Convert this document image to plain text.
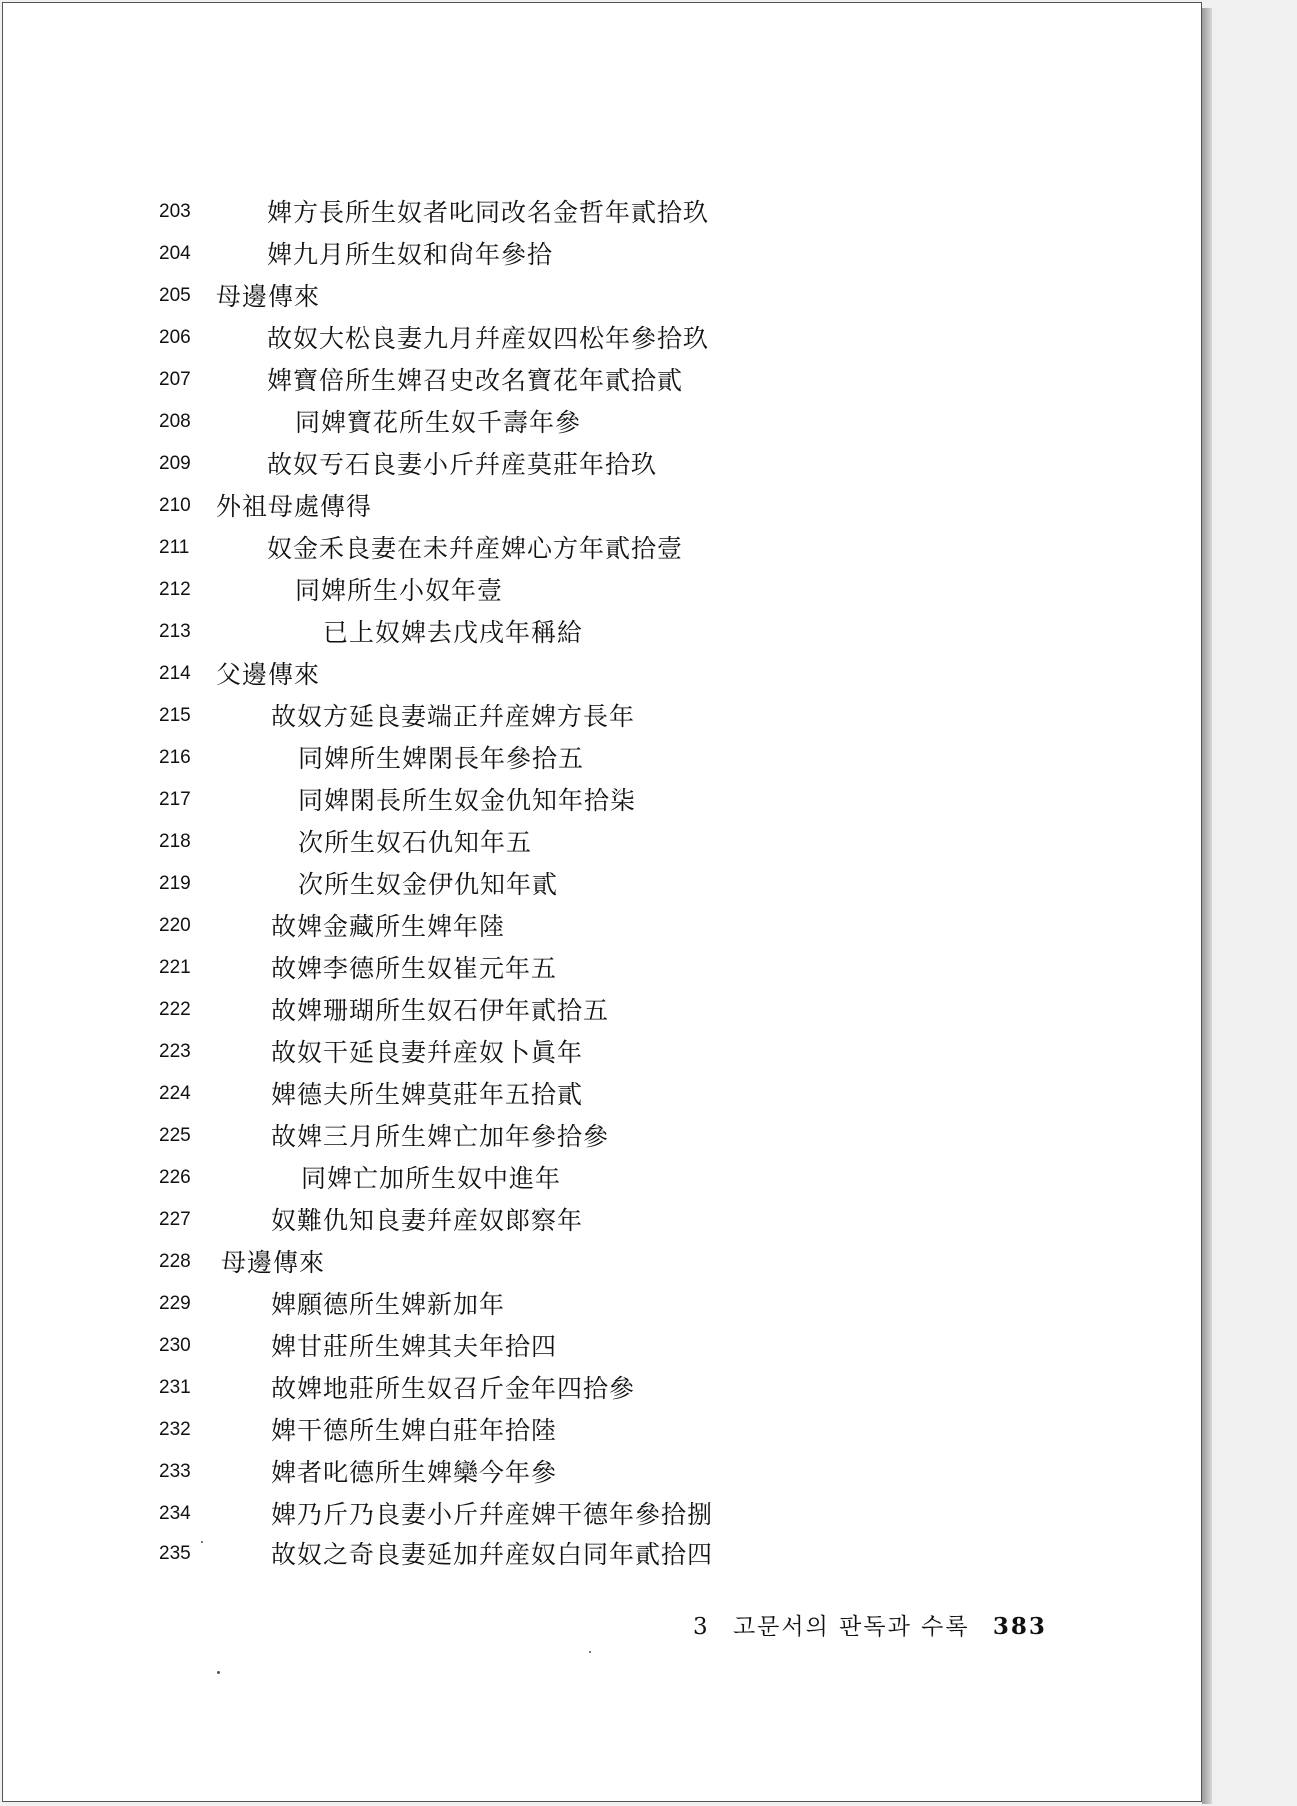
203	婢方長所生奴者叱同改名金哲年貳拾玖
204	婢九月所生奴和尙年參拾
205	母邊傳來
206	故奴大松良妻九月幷産奴四松年參拾玖
207	婢寶倍所生婢召史改名寶花年貳拾貳
208	同婢寶花所生奴千壽年參
209	故奴亐石良妻小斤幷産莫莊年拾玖
210	外祖母處傳得
211	奴金禾良妻在未幷産婢心方年貳拾壹
212	同婢所生小奴年壹
213	已上奴婢去戊戌年稱給
214	父邊傳來
215	故奴方延良妻端正幷産婢方長年
216	同婢所生婢閑長年參拾五
217	同婢閑長所生奴金仇知年拾柒
218	次所生奴石仇知年五
219	次所生奴金伊仇知年貳
220	故婢金藏所生婢年陸
221	故婢李德所生奴崔元年五
222	故婢珊瑚所生奴石伊年貳拾五
223	故奴干延良妻幷産奴卜眞年
224	婢德夫所生婢莫莊年五拾貳
225	故婢三月所生婢亡加年參拾參
226	同婢亡加所生奴中進年
227	奴難仇知良妻幷産奴郞察年
228	母邊傳來
229	婢願德所生婢新加年
230	婢甘莊所生婢其夫年拾四
231	故婢地莊所生奴召斤金年四拾參
232	婢干德所生婢白莊年拾陸
233	婢者叱德所生婢欒今年參
234	婢乃斤乃良妻小斤幷産婢干德年參拾捌
235	故奴之奇良妻延加幷産奴白同年貳拾四
3 고문서의 판독과 수록 383
